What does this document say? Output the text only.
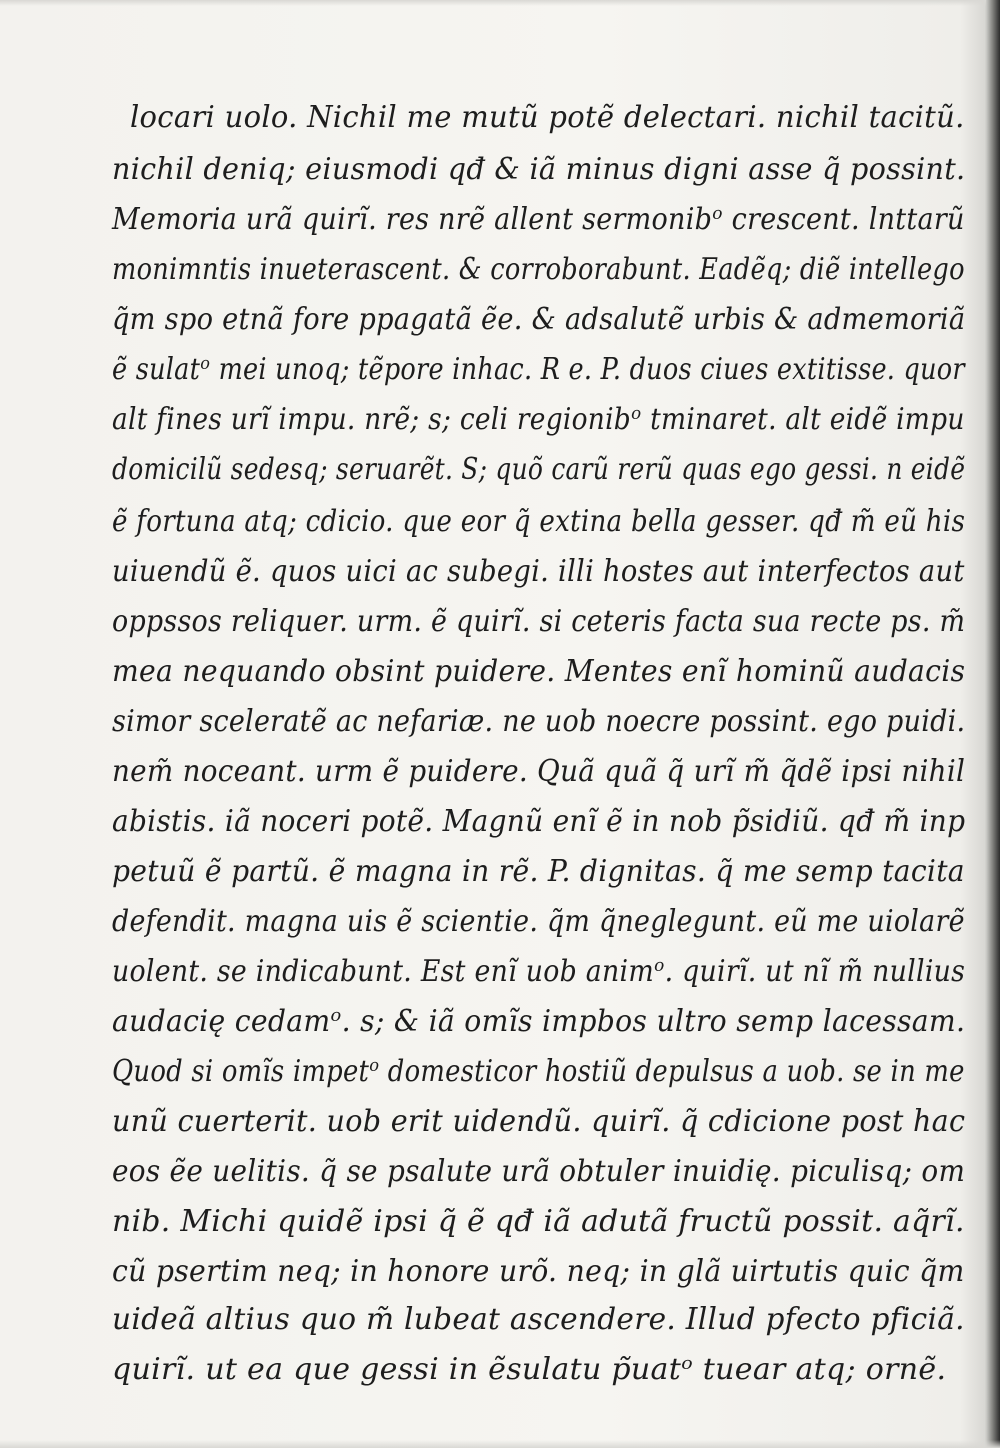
locari uolo. Nichil me mutũ potẽ delectari. nichil tacitũ.

nichil deniq; eiusmodi qđ & iã minus digni asse q̃ possint.

Memoria urã quirĩ. res nrẽ allent sermonibᵒ crescent. lnttarũ

monimntis inueterascent. & corroborabunt. Eadẽq; diẽ intellego

q̃m spo etnã fore ppagatã ẽe. & adsalutẽ urbis & admemoriã

ẽ sulatᵒ mei unoq; tẽpore inhac. R e. P. duos ciues extitisse. quor

alt fines urĩ impu. nrẽ; s; celi regionibᵒ tminaret. alt eidẽ impu

domicilũ sedesq; seruarẽt. S; quõ carũ rerũ quas ego gessi. n eidẽ

ẽ fortuna atq; cdicio. que eor q̃ extina bella gesser. qđ m̃ eũ his

uiuendũ ẽ. quos uici ac subegi. illi hostes aut interfectos aut

oppssos reliquer. urm. ẽ quirĩ. si ceteris facta sua recte ps. m̃

mea nequando obsint puidere. Mentes enĩ hominũ audacis

simor sceleratẽ ac nefariæ. ne uob noecre possint. ego puidi.

nem̃ noceant. urm ẽ puidere. Quã quã q̃ urĩ m̃ q̃dẽ ipsi nihil

abistis. iã noceri potẽ. Magnũ enĩ ẽ in nob p̃sidiũ. qđ m̃ inp

petuũ ẽ partũ. ẽ magna in rẽ. P. dignitas. q̃ me semp tacita

defendit. magna uis ẽ scientie. q̃m q̃neglegunt. eũ me uiolarẽ

uolent. se indicabunt. Est enĩ uob animᵒ. quirĩ. ut nĩ m̃ nullius

audacię cedamᵒ. s; & iã omĩs impbos ultro semp lacessam.

Quod si omĩs impetᵒ domesticor hostiũ depulsus a uob. se in me

unũ cuerterit. uob erit uidendũ. quirĩ. q̃ cdicione post hac

eos ẽe uelitis. q̃ se psalute urã obtuler inuidię. piculisq; om

nib. Michi quidẽ ipsi q̃ ẽ qđ iã adutã fructũ possit. aq̃rĩ.

cũ psertim neq; in honore urõ. neq; in glã uirtutis quic q̃m

uideã altius quo m̃ lubeat ascendere. Illud pfecto pficiã.

quirĩ. ut ea que gessi in ẽsulatu p̃uatᵒ tuear atq; ornẽ.
